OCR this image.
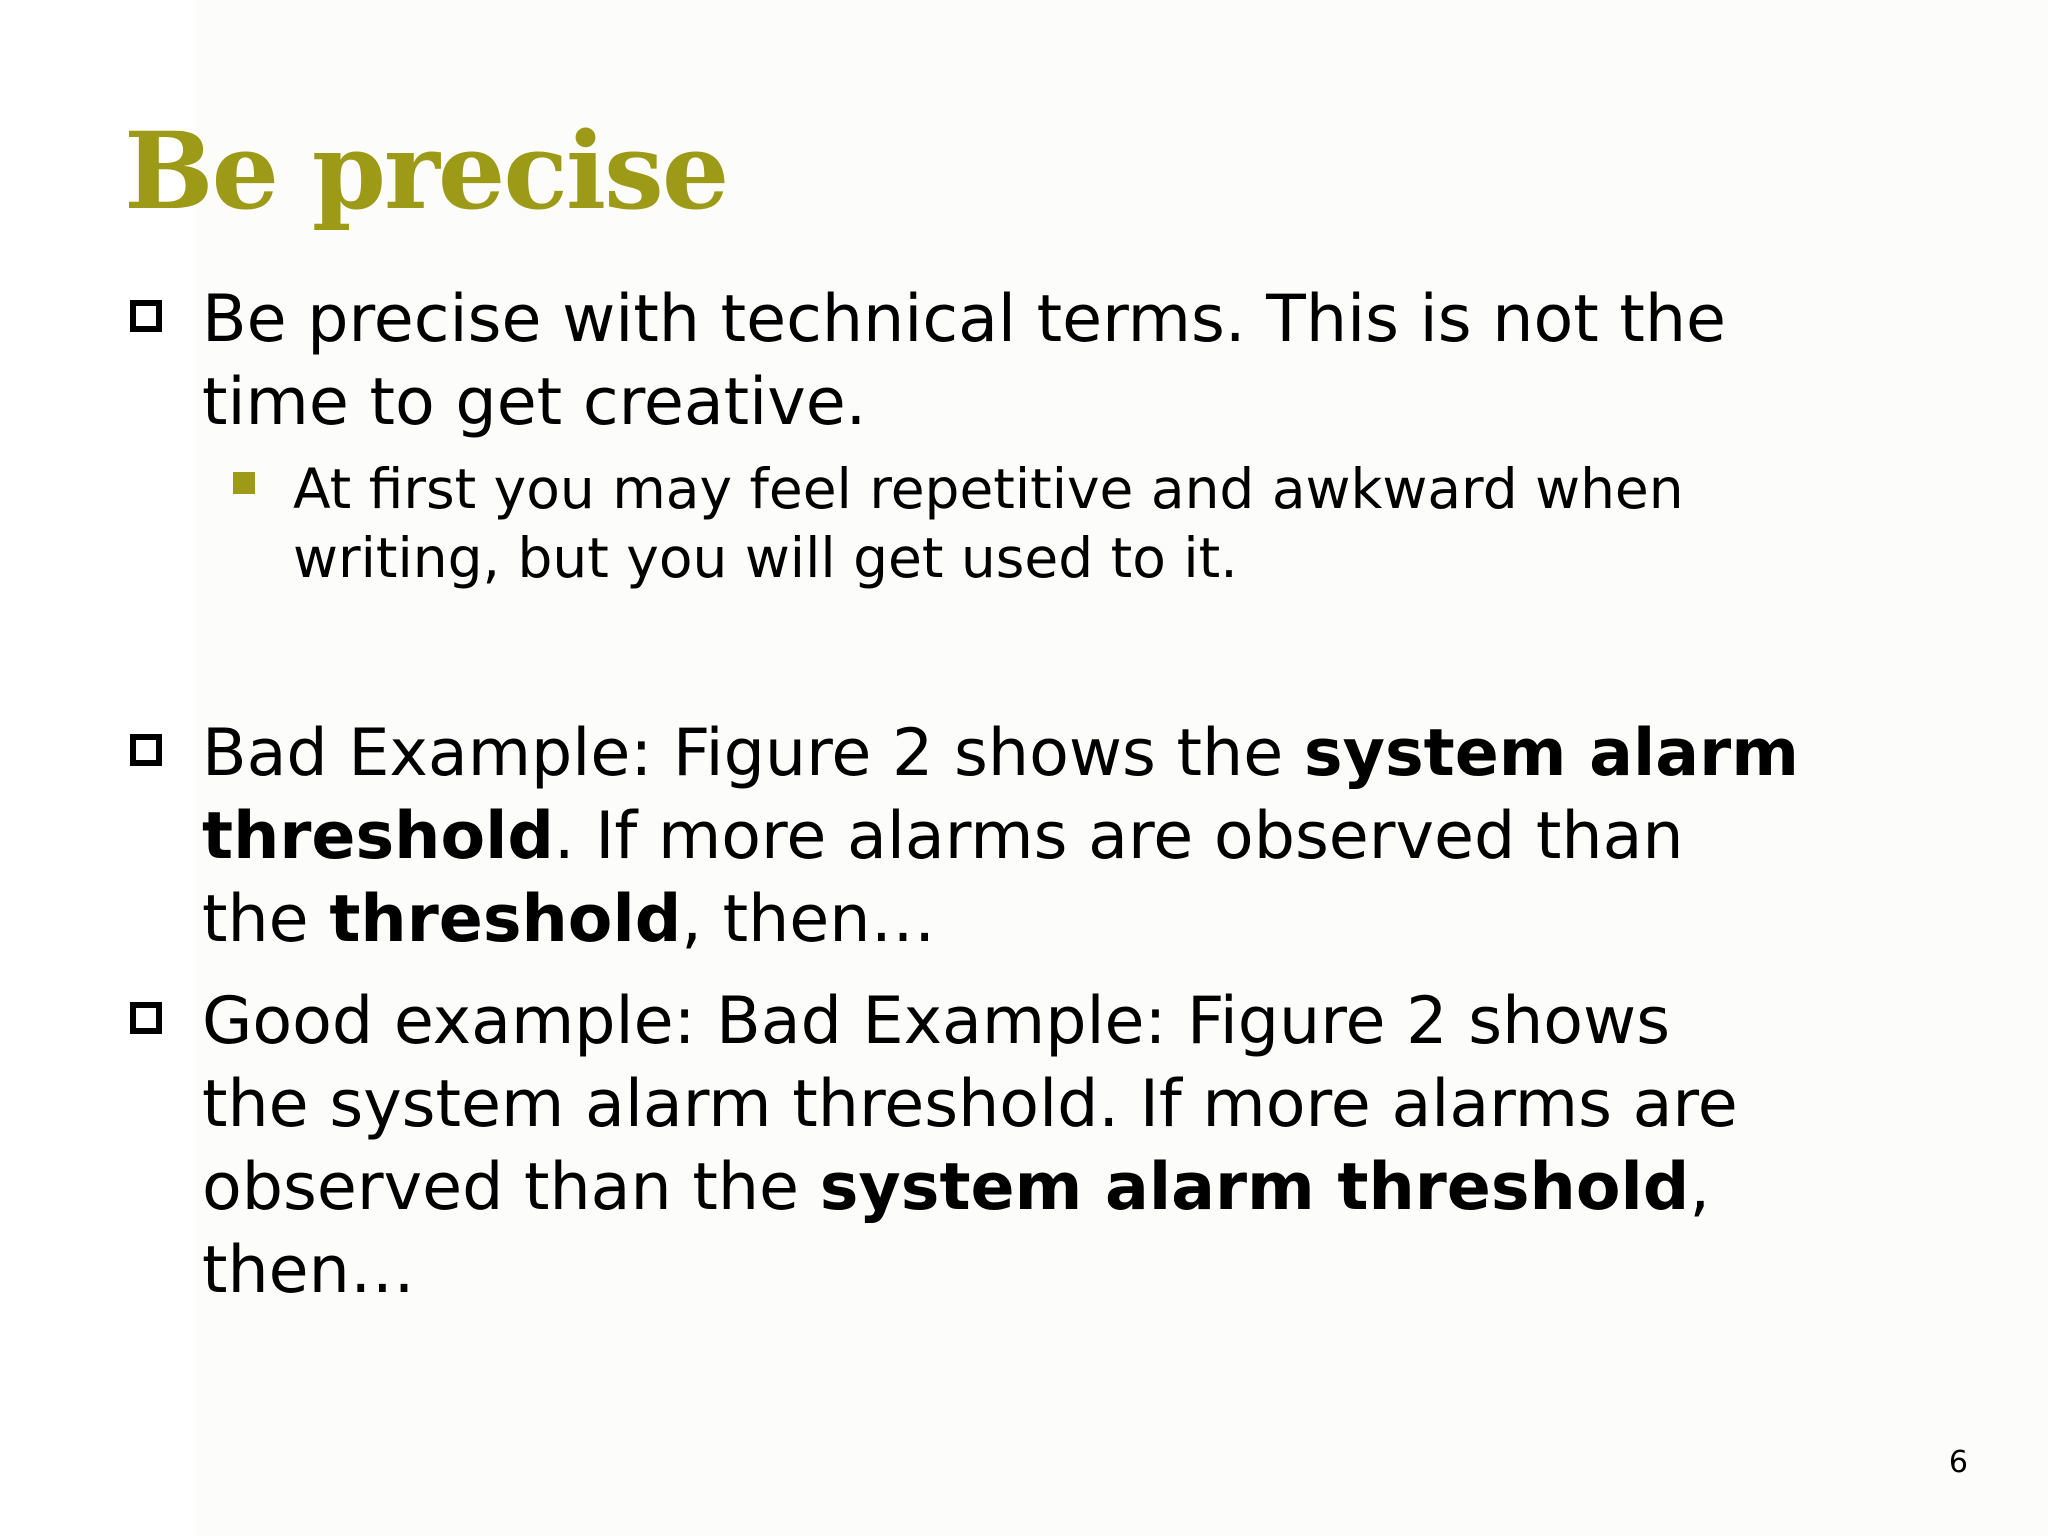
Be precise
Be precise with technical terms. This is not the
time to get creative.
At first you may feel repetitive and awkward when
writing, but you will get used to it.
Bad Example: Figure 2 shows the system alarm
threshold. If more alarms are observed than
the threshold, then…
Good example: Bad Example: Figure 2 shows
the system alarm threshold. If more alarms are
observed than the system alarm threshold,
then…
6
